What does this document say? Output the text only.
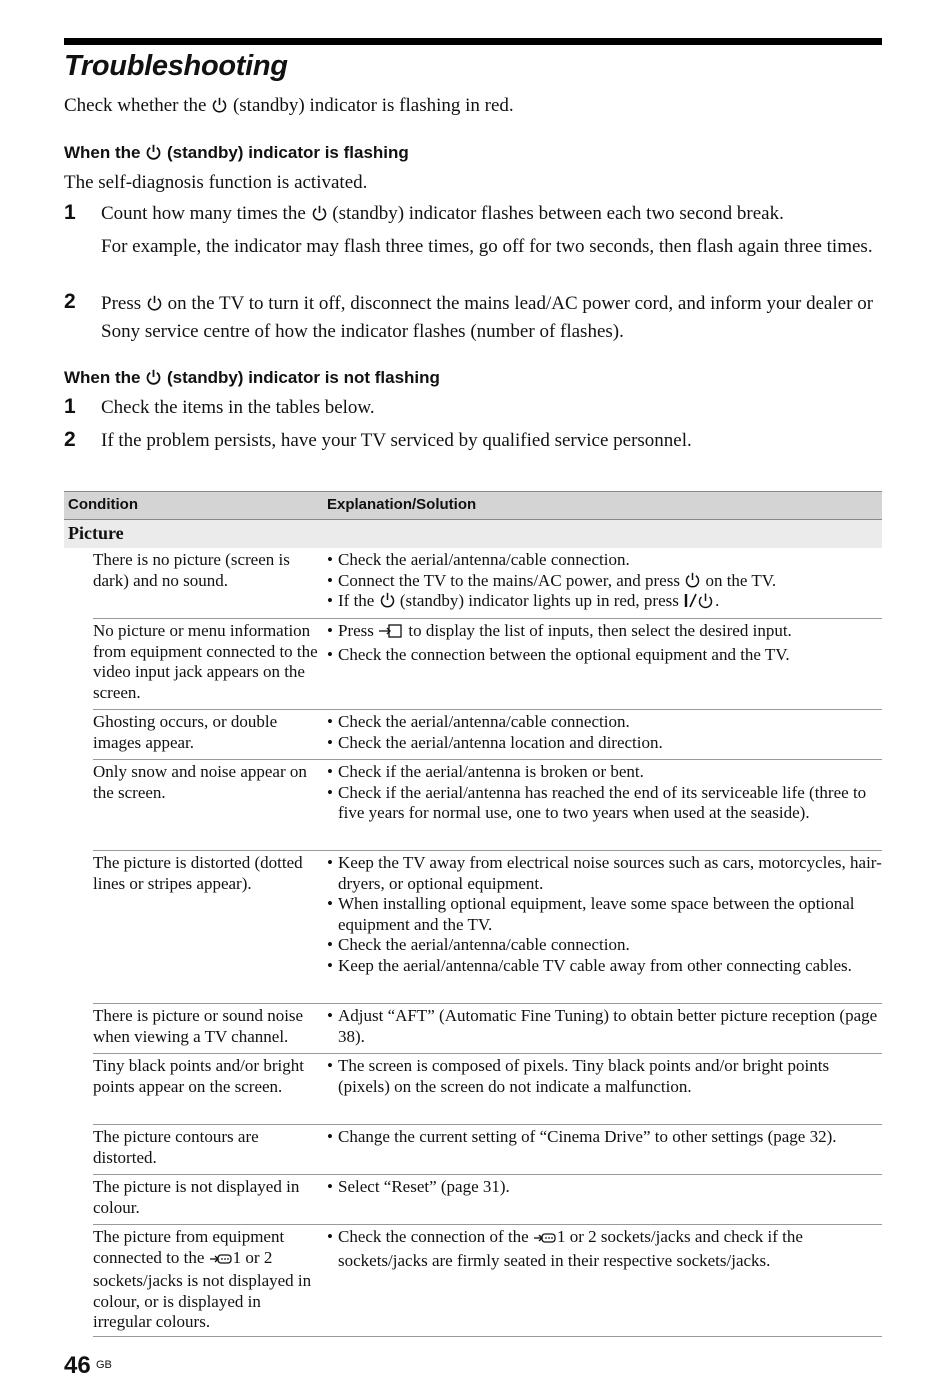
Troubleshooting
Check whether the (standby) indicator is flashing in red.
When the (standby) indicator is flashing
The self-diagnosis function is activated.
1 Count how many times the (standby) indicator flashes between each two second break.
For example, the indicator may flash three times, go off for two seconds, then flash again three times.
2 Press on the TV to turn it off, disconnect the mains lead/AC power cord, and inform your dealer or Sony service centre of how the indicator flashes (number of flashes).
When the (standby) indicator is not flashing
1 Check the items in the tables below.
2 If the problem persists, have your TV serviced by qualified service personnel.
Condition	Explanation/Solution
Picture
There is no picture (screen is dark) and no sound.
• Check the aerial/antenna/cable connection.
• Connect the TV to the mains/AC power, and press on the TV.
• If the (standby) indicator lights up in red, press .
No picture or menu information from equipment connected to the video input jack appears on the screen.
• Press to display the list of inputs, then select the desired input.
• Check the connection between the optional equipment and the TV.
Ghosting occurs, or double images appear.
• Check the aerial/antenna/cable connection.
• Check the aerial/antenna location and direction.
Only snow and noise appear on the screen.
• Check if the aerial/antenna is broken or bent.
• Check if the aerial/antenna has reached the end of its serviceable life (three to five years for normal use, one to two years when used at the seaside).
The picture is distorted (dotted lines or stripes appear).
• Keep the TV away from electrical noise sources such as cars, motorcycles, hair-dryers, or optional equipment.
• When installing optional equipment, leave some space between the optional equipment and the TV.
• Check the aerial/antenna/cable connection.
• Keep the aerial/antenna/cable TV cable away from other connecting cables.
There is picture or sound noise when viewing a TV channel.
• Adjust “AFT” (Automatic Fine Tuning) to obtain better picture reception (page 38).
Tiny black points and/or bright points appear on the screen.
• The screen is composed of pixels. Tiny black points and/or bright points (pixels) on the screen do not indicate a malfunction.
The picture contours are distorted.
• Change the current setting of “Cinema Drive” to other settings (page 32).
The picture is not displayed in colour.
• Select “Reset” (page 31).
The picture from equipment connected to the 1 or 2 sockets/jacks is not displayed in colour, or is displayed in irregular colours.
• Check the connection of the 1 or 2 sockets/jacks and check if the sockets/jacks are firmly seated in their respective sockets/jacks.
46 GB
